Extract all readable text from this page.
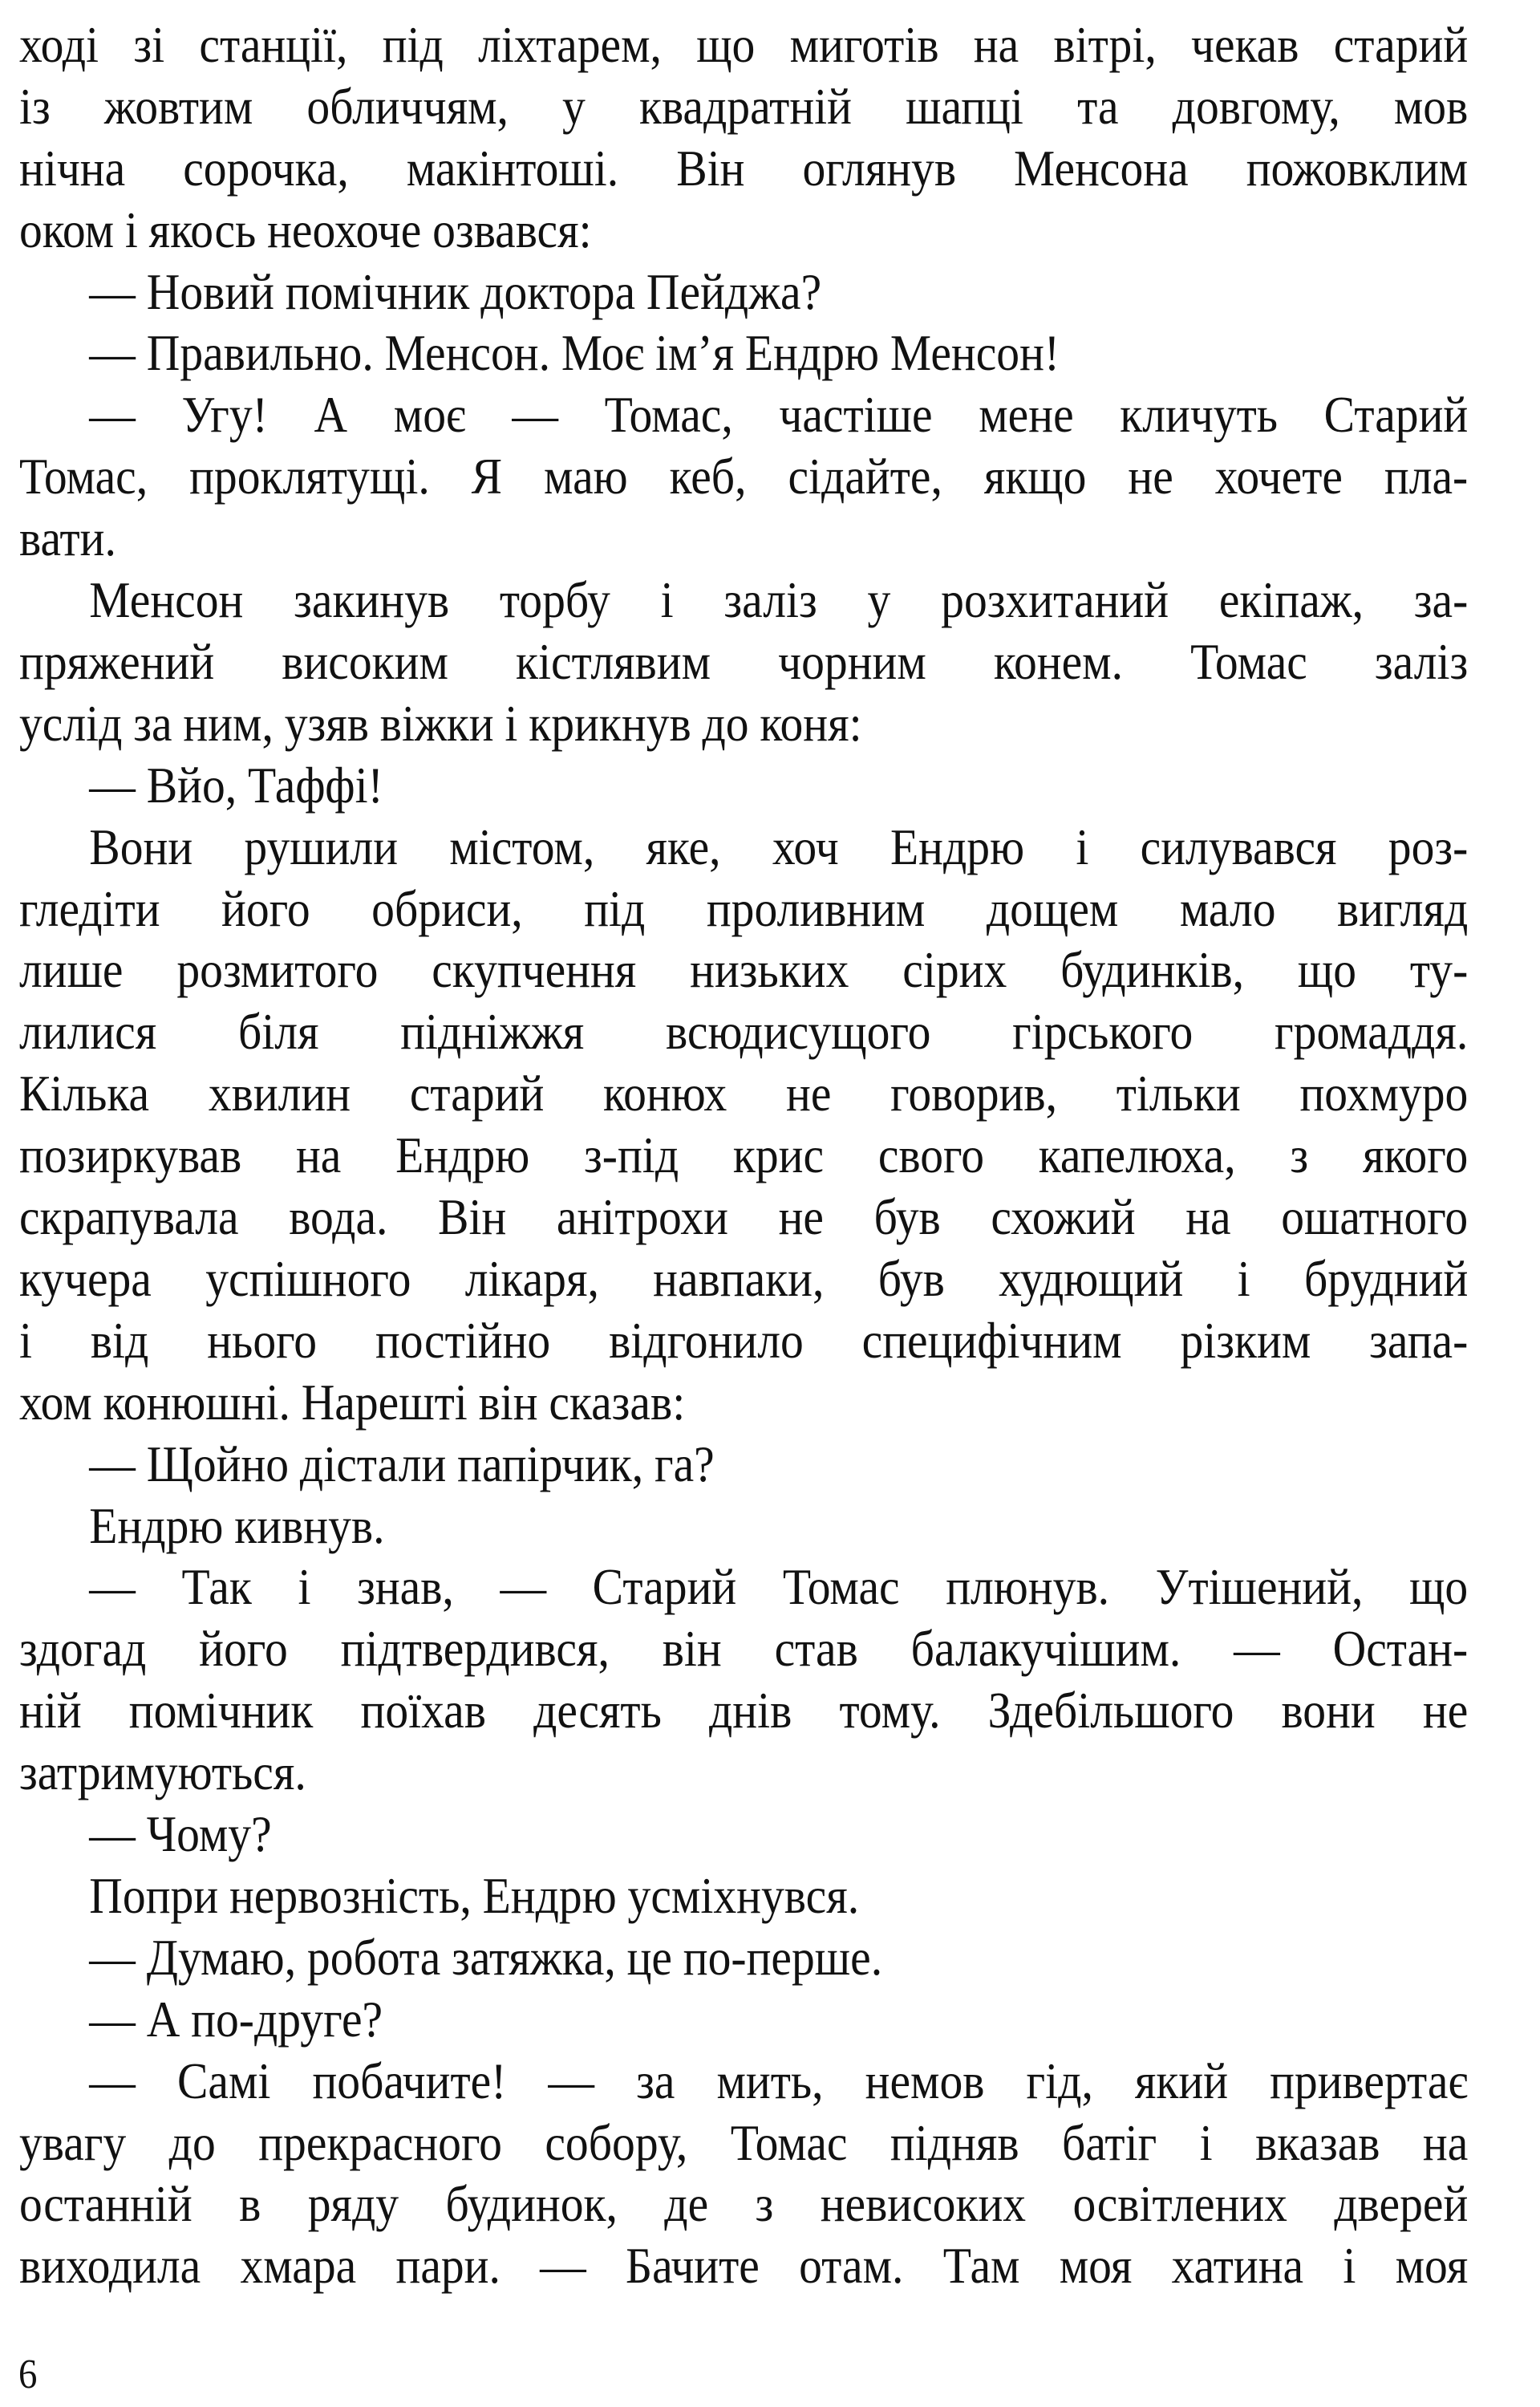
ході зі станції, під ліхтарем, що миготів на вітрі, чекав старий
із жовтим обличчям, у квадратній шапці та довгому, мов
нічна сорочка, макінтоші. Він оглянув Менсона пожовклим
оком і якось неохоче озвався:
— Новий помічник доктора Пейджа?
— Правильно. Менсон. Моє ім’я Ендрю Менсон!
— Угу! А моє — Томас, частіше мене кличуть Старий
Томас, проклятущі. Я маю кеб, сідайте, якщо не хочете пла-
вати.
Менсон закинув торбу і заліз у розхитаний екіпаж, за-
пряжений високим кістлявим чорним конем. Томас заліз
услід за ним, узяв віжки і крикнув до коня:
— Вйо, Таффі!
Вони рушили містом, яке, хоч Ендрю і силувався роз-
гледіти його обриси, під проливним дощем мало вигляд
лише розмитого скупчення низьких сірих будинків, що ту-
лилися біля підніжжя всюдисущого гірського громаддя.
Кілька хвилин старий конюх не говорив, тільки похмуро
позиркував на Ендрю з-під крис свого капелюха, з якого
скрапувала вода. Він анітрохи не був схожий на ошатного
кучера успішного лікаря, навпаки, був худющий і брудний
і від нього постійно відгонило специфічним різким запа-
хом конюшні. Нарешті він сказав:
— Щойно дістали папірчик, га?
Ендрю кивнув.
— Так і знав, — Старий Томас плюнув. Утішений, що
здогад його підтвердився, він став балакучішим. — Остан-
ній помічник поїхав десять днів тому. Здебільшого вони не
затримуються.
— Чому?
Попри нервозність, Ендрю усміхнувся.
— Думаю, робота затяжка, це по-перше.
— А по-друге?
— Самі побачите! — за мить, немов гід, який привертає
увагу до прекрасного собору, Томас підняв батіг і вказав на
останній в ряду будинок, де з невисоких освітлених дверей
виходила хмара пари. — Бачите отам. Там моя хатина і моя
6
